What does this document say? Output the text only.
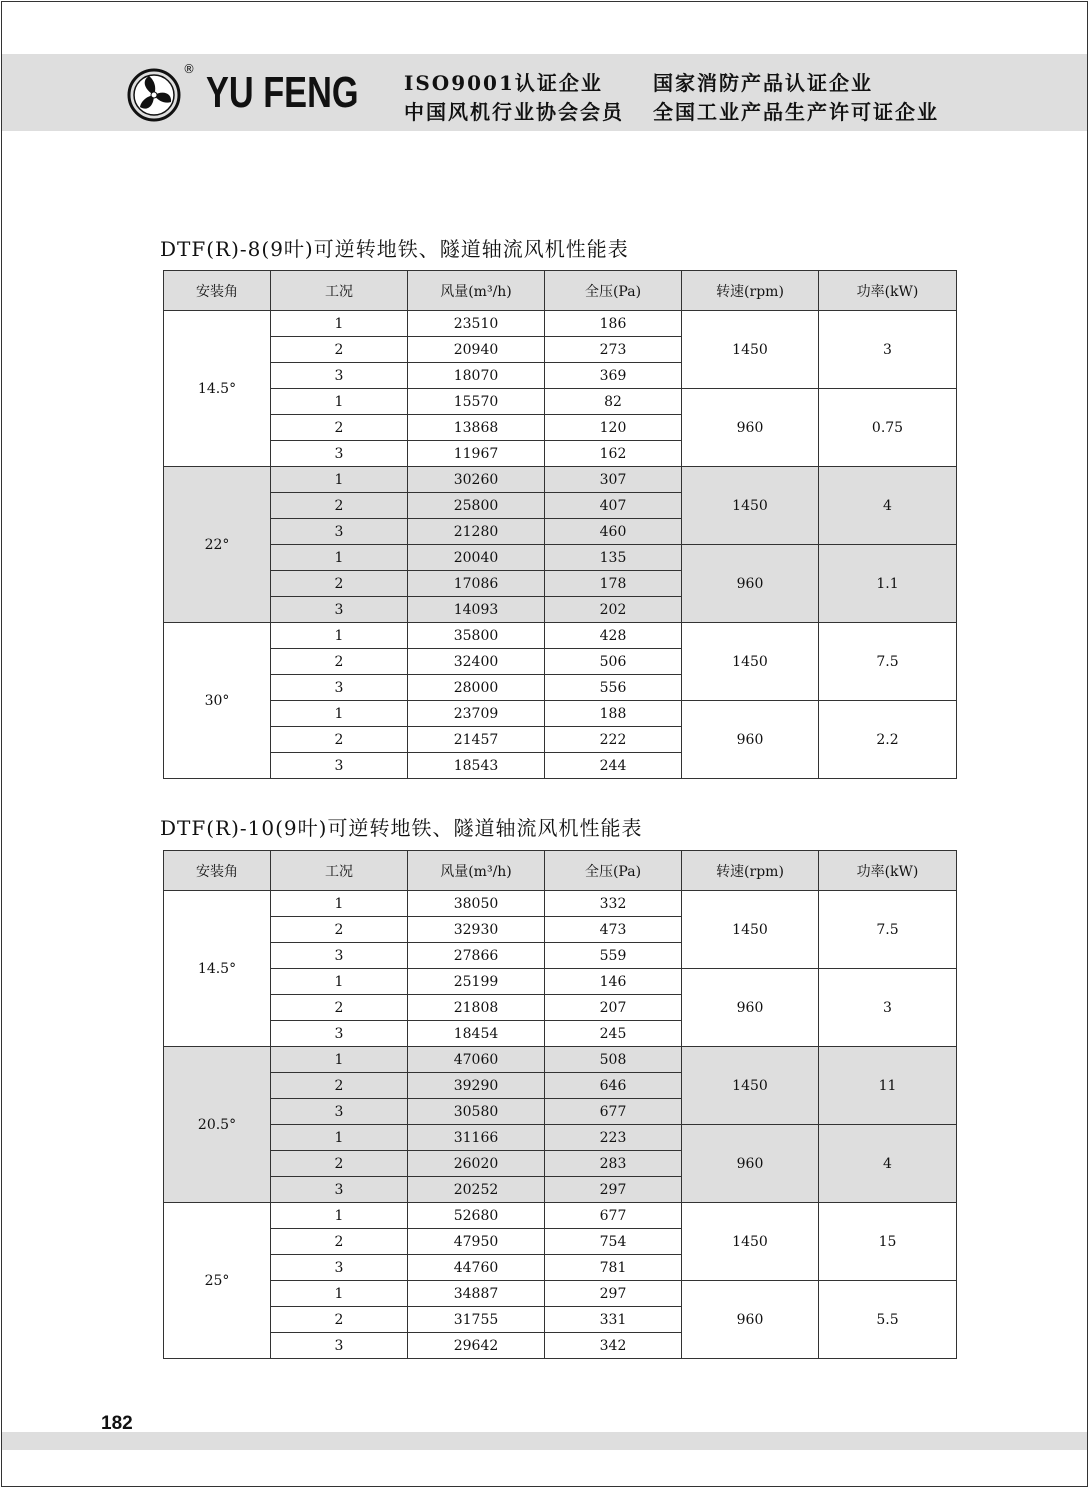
® YU FENG ISO9001认证企业	国家消防产品认证企业
中国风机行业协会会员 全国工业产品生产许可证企业
DTF(R)-8(9叶)可逆转地铁、隧道轴流风机性能表
安装角	工况	风量(m³/h)	全压(Pa)	转速(rpm)	功率(kW)
14.5°	1	23510	186	1450	3
	2	20940	273		
	3	18070	369		
	1	15570	82	960	0.75
	2	13868	120		
	3	11967	162		
22°	1	30260	307	1450	4
	2	25800	407		
	3	21280	460		
	1	20040	135	960	1.1
	2	17086	178		
	3	14093	202		
30°	1	35800	428	1450	7.5
	2	32400	506		
	3	28000	556		
	1	23709	188	960	2.2
	2	21457	222		
	3	18543	244		
DTF(R)-10(9叶)可逆转地铁、隧道轴流风机性能表
安装角	工况	风量(m³/h)	全压(Pa)	转速(rpm)	功率(kW)
14.5°	1	38050	332	1450	7.5
	2	32930	473		
	3	27866	559		
	1	25199	146	960	3
	2	21808	207		
	3	18454	245		
20.5°	1	47060	508	1450	11
	2	39290	646		
	3	30580	677		
	1	31166	223	960	4
	2	26020	283		
	3	20252	297		
25°	1	52680	677	1450	15
	2	47950	754		
	3	44760	781		
	1	34887	297	960	5.5
	2	31755	331		
	3	29642	342		
182
